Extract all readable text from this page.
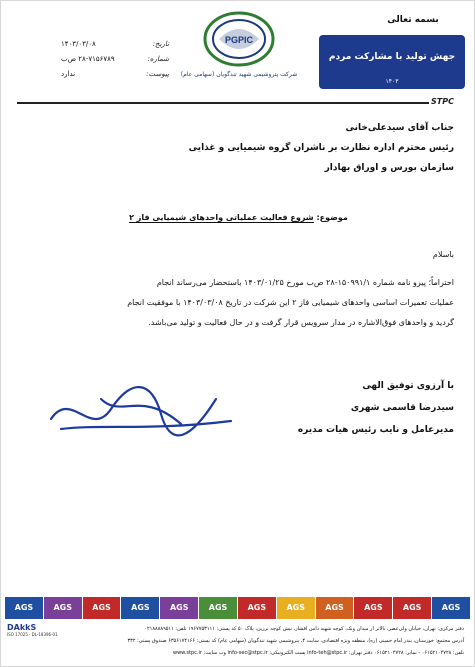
بسمه تعالی
جهش تولید با مشارکت مردم
۱۴۰۳
PGPIC
شرکت پتروشیمی شهید تندگویان (سهامی عام)
تاریخ:
۱۴۰۳/۰۳/۰۸
شماره:
۲۸-۷۱۵۶۷۸۹ ص‌ب
پیوست:
ندارد
STPC
جناب آقای سیدعلی‌خانی
رئیس محترم اداره نظارت بر ناشران گروه شیمیایی و غذایی
سازمان بورس و اوراق بهادار
موضوع: شروع فعالیت عملیاتی واحدهای شیمیایی فاز ۲
باسلام
احتراماً؛ پیرو نامه شماره ۱۵۰۹۹۱/۱-۲۸ ص‌ب مورخ ۱۴۰۳/۰۱/۲۵ باستحضار می‌رساند انجام
عملیات تعمیرات اساسی واحدهای شیمیایی فاز ۲ این شرکت در تاریخ ۱۴۰۳/۰۳/۰۸ با موفقیت انجام
گردید و واحدهای فوق‌الاشاره در مدار سرویس قرار گرفت و در حال فعالیت و تولید می‌باشد.
با آرزوی توفیق الهی
سیدرضا قاسمی شهری
مدیرعامل و نایب رئیس هیات مدیره
AGS	AGS	AGS	AGS	AGS	AGS	AGS	AGS	AGS	AGS	AGS	AGS
DAkkS
ISO 17025 · DL-18396-01
دفتر مرکزی: تهران، خیابان ولی‌عصر، بالاتر از میدان ونک، کوچه شهید دامن افشار، نبش کوچه برزین، پلاک ۵۰ کد پستی: ۱۹۶۷۷۵۳۱۱۱ تلفن: ۰۲۱۸۸۸۸۹۵۱۱
آدرس مجتمع: خوزستان، بندر امام خمینی (ره)، منطقه ویژه اقتصادی، سایت ۴، پتروشیمی شهید تندگویان (سهامی عام) کد پستی: ۶۳۵۶۱۷۴۱۶۶ صندوق پستی: ۳۳۲
تلفن: ۰۶۱۵۲۱۰۴۷۲۸ - نمابر: ۰۶۱۵۲۱۰۴۷۲۸ دفتر تهران: info-teh@stpc.ir پست الکترونیکی: info-sec@stpc.ir وب سایت: www.stpc.ir
